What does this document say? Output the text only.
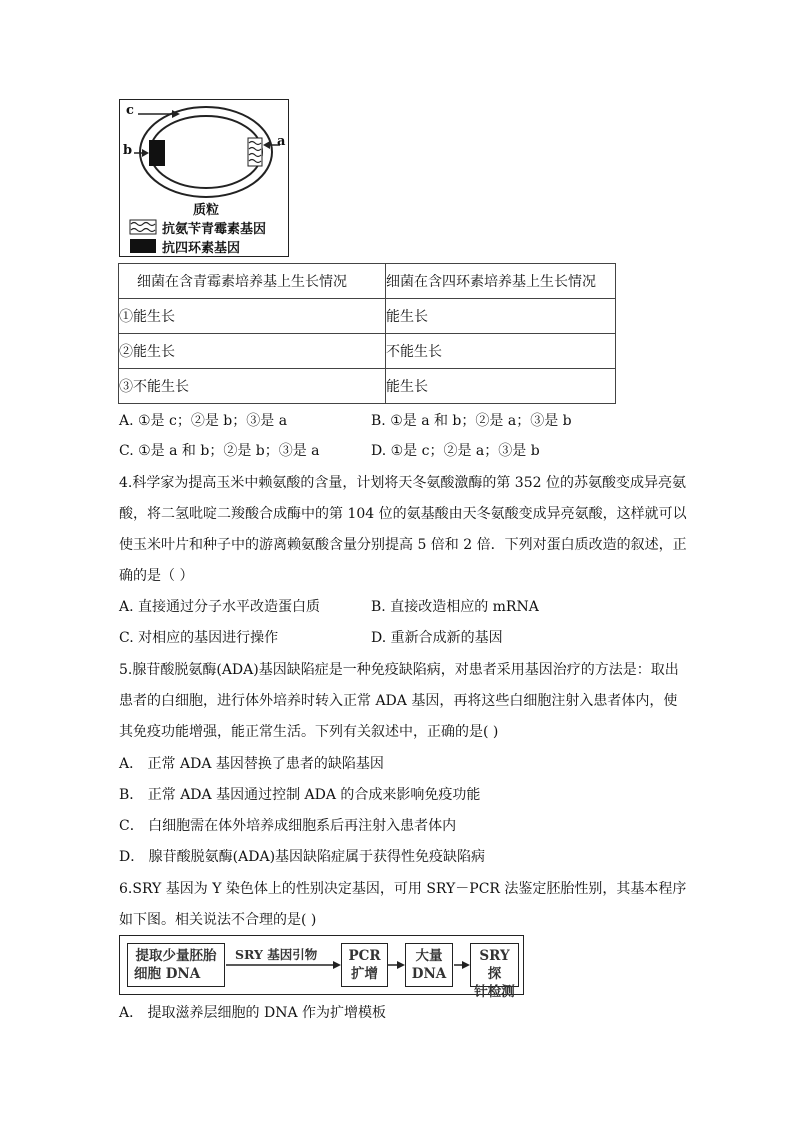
c
b
a
质粒
抗氨苄青霉素基因
抗四环素基因
细菌在含青霉素培养基上生长情况	细菌在含四环素培养基上生长情况
①能生长	能生长
②能生长	不能生长
③不能生长	能生长
A. ①是 c；②是 b；③是 a	B. ①是 a 和 b；②是 a；③是 b
C. ①是 a 和 b；②是 b；③是 a	D. ①是 c；②是 a；③是 b
4.科学家为提高玉米中赖氨酸的含量，计划将天冬氨酸激酶的第 352 位的苏氨酸变成异亮氨
酸，将二氢吡啶二羧酸合成酶中的第 104 位的氨基酸由天冬氨酸变成异亮氨酸，这样就可以
使玉米叶片和种子中的游离赖氨酸含量分别提高 5 倍和 2 倍．下列对蛋白质改造的叙述，正
确的是（ ）
A. 直接通过分子水平改造蛋白质	B. 直接改造相应的 mRNA
C. 对相应的基因进行操作	D. 重新合成新的基因
5.腺苷酸脱氨酶(ADA)基因缺陷症是一种免疫缺陷病，对患者采用基因治疗的方法是：取出
患者的白细胞，进行体外培养时转入正常 ADA 基因，再将这些白细胞注射入患者体内，使
其免疫功能增强，能正常生活。下列有关叙述中，正确的是( )
A． 正常 ADA 基因替换了患者的缺陷基因
B． 正常 ADA 基因通过控制 ADA 的合成来影响免疫功能
C． 白细胞需在体外培养成细胞系后再注射入患者体内
D． 腺苷酸脱氨酶(ADA)基因缺陷症属于获得性免疫缺陷病
6.SRY 基因为 Y 染色体上的性别决定基因，可用 SRY－PCR 法鉴定胚胎性别，其基本程序
如下图。相关说法不合理的是( )
提取少量胚胎
细胞 DNA
SRY 基因引物	PCR
扩增
大量
DNA
SRY 探
针检测
A． 提取滋养层细胞的 DNA 作为扩增模板
